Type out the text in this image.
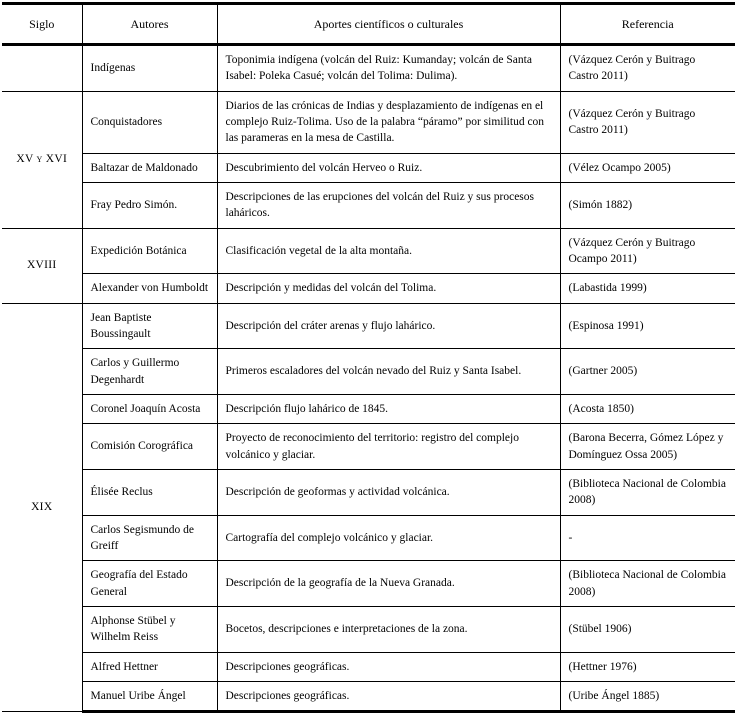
Siglo	Autores	Aportes científicos o culturales	Referencia
	Indígenas	Toponimia indígena (volcán del Ruiz: Kumanday; volcán de Santa Isabel: Poleka Casué; volcán del Tolima: Dulima).	(Vázquez Cerón y Buitrago Castro 2011)
XV y XVI	Conquistadores	Diarios de las crónicas de Indias y desplazamiento de indígenas en el complejo Ruiz-Tolima. Uso de la palabra “páramo” por similitud con las parameras en la mesa de Castilla.	(Vázquez Cerón y Buitrago Castro 2011)
	Baltazar de Maldonado	Descubrimiento del volcán Herveo o Ruiz.	(Vélez Ocampo 2005)
	Fray Pedro Simón.	Descripciones de las erupciones del volcán del Ruiz y sus procesos laháricos.	(Simón 1882)
XVIII	Expedición Botánica	Clasificación vegetal de la alta montaña.	(Vázquez Cerón y Buitrago Ocampo 2011)
	Alexander von Humboldt	Descripción y medidas del volcán del Tolima.	(Labastida 1999)
XIX	Jean Baptiste Boussingault	Descripción del cráter arenas y flujo lahárico.	(Espinosa 1991)
	Carlos y Guillermo Degenhardt	Primeros escaladores del volcán nevado del Ruiz y Santa Isabel.	(Gartner 2005)
	Coronel Joaquín Acosta	Descripción flujo lahárico de 1845.	(Acosta 1850)
	Comisión Corográfica	Proyecto de reconocimiento del territorio: registro del complejo volcánico y glaciar.	(Barona Becerra, Gómez López y Domínguez Ossa 2005)
	Élisée Reclus	Descripción de geoformas y actividad volcánica.	(Biblioteca Nacional de Colombia 2008)
	Carlos Segismundo de Greiff	Cartografía del complejo volcánico y glaciar.	-
	Geografía del Estado General	Descripción de la geografía de la Nueva Granada.	(Biblioteca Nacional de Colombia 2008)
	Alphonse Stübel y Wilhelm Reiss	Bocetos, descripciones e interpretaciones de la zona.	(Stübel 1906)
	Alfred Hettner	Descripciones geográficas.	(Hettner 1976)
	Manuel Uribe Ángel	Descripciones geográficas.	(Uribe Ángel 1885)
